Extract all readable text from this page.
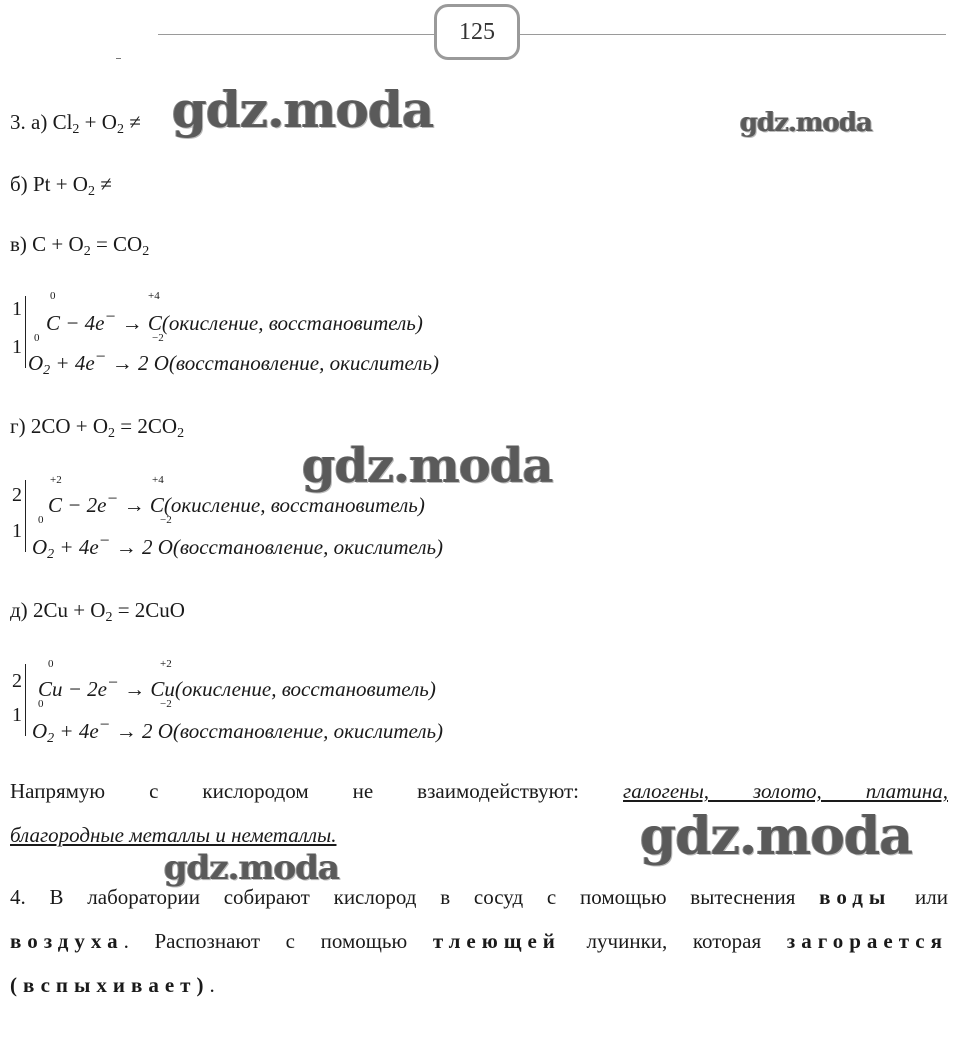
125
gdz.moda	gdz.moda
gdz.moda
gdz.moda
gdz.moda
3. а) $Cl_2 + O_2$ ≠
б) $Pt + O_2$ ≠
в) $C + O_2 = CO_2$
1
1
0	+4
C − 4e− → C(окисление, восстановитель)
0	−2
$O_2 + 4e^- \to 2$ O(восстановление, окислитель)
г) $2CO + O_2 = 2CO_2$
2
1
+2	+4
C − 2e− → C(окисление, восстановитель)
0	−2
$O_2 + 4e^- \to 2$ O(восстановление, окислитель)
д) $2Cu + O_2 = 2CuO$
2
1
0	+2
Cu − 2e− → Cu(окисление, восстановитель)
0	−2
$O_2 + 4e^- \to 2$ O(восстановление, окислитель)
Напрямую с кислородом не взаимодействуют: галогены, золото, платина,
благородные металлы и неметаллы.
4. В лаборатории собирают кислород в сосуд с помощью вытеснения воды или
воздуха. Распознают с помощью тлеющей лучинки, которая загорается
(вспыхивает).
